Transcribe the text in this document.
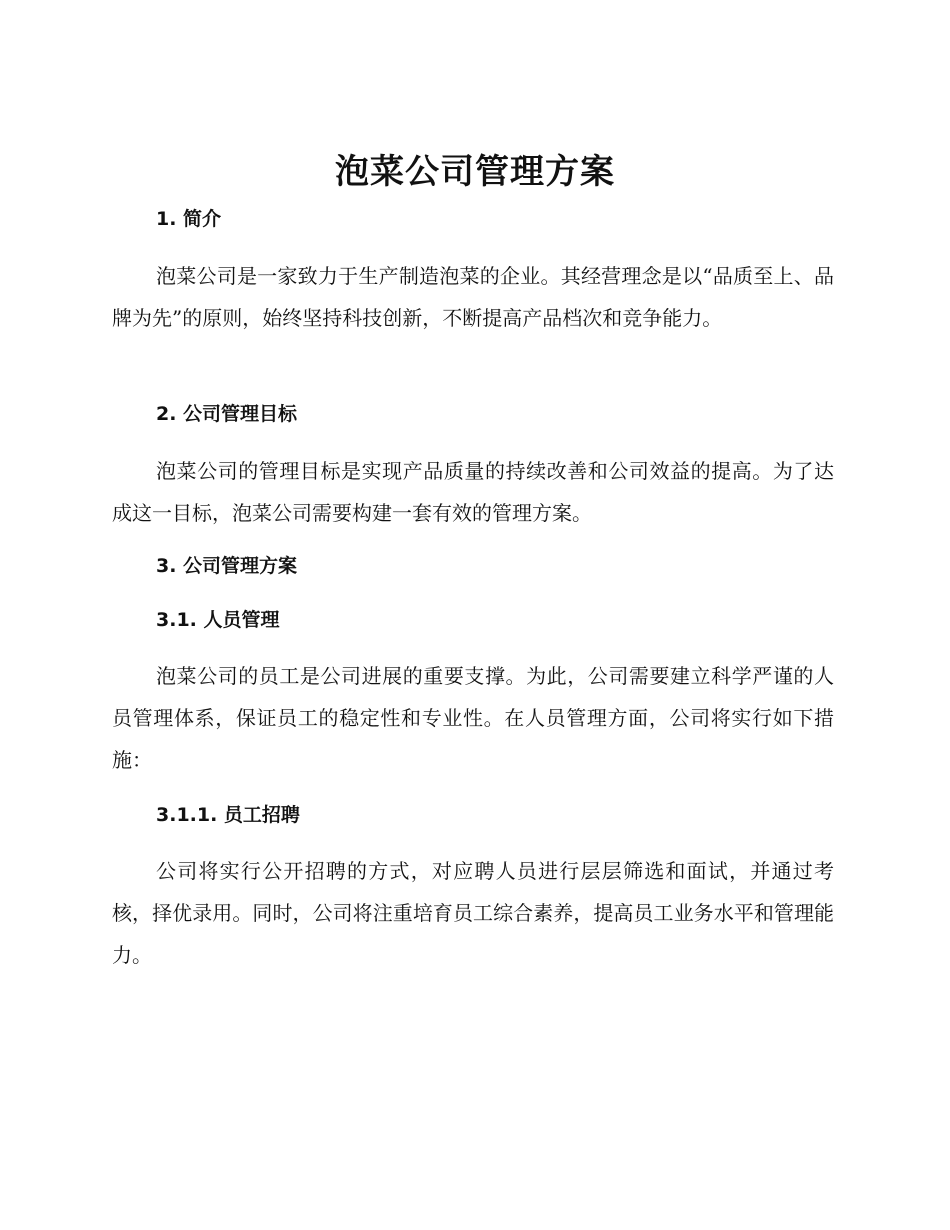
泡菜公司管理方案
1. 简介

泡菜公司是一家致力于生产制造泡菜的企业。其经营理念是以“品质至上、品牌为先”的原则，始终坚持科技创新，不断提高产品档次和竞争能力。

2. 公司管理目标

泡菜公司的管理目标是实现产品质量的持续改善和公司效益的提高。为了达成这一目标，泡菜公司需要构建一套有效的管理方案。

3. 公司管理方案
3.1. 人员管理

泡菜公司的员工是公司进展的重要支撑。为此，公司需要建立科学严谨的人员管理体系，保证员工的稳定性和专业性。在人员管理方面，公司将实行如下措施：

3.1.1. 员工招聘

公司将实行公开招聘的方式，对应聘人员进行层层筛选和面试，并通过考核，择优录用。同时，公司将注重培育员工综合素养，提高员工业务水平和管理能力。
